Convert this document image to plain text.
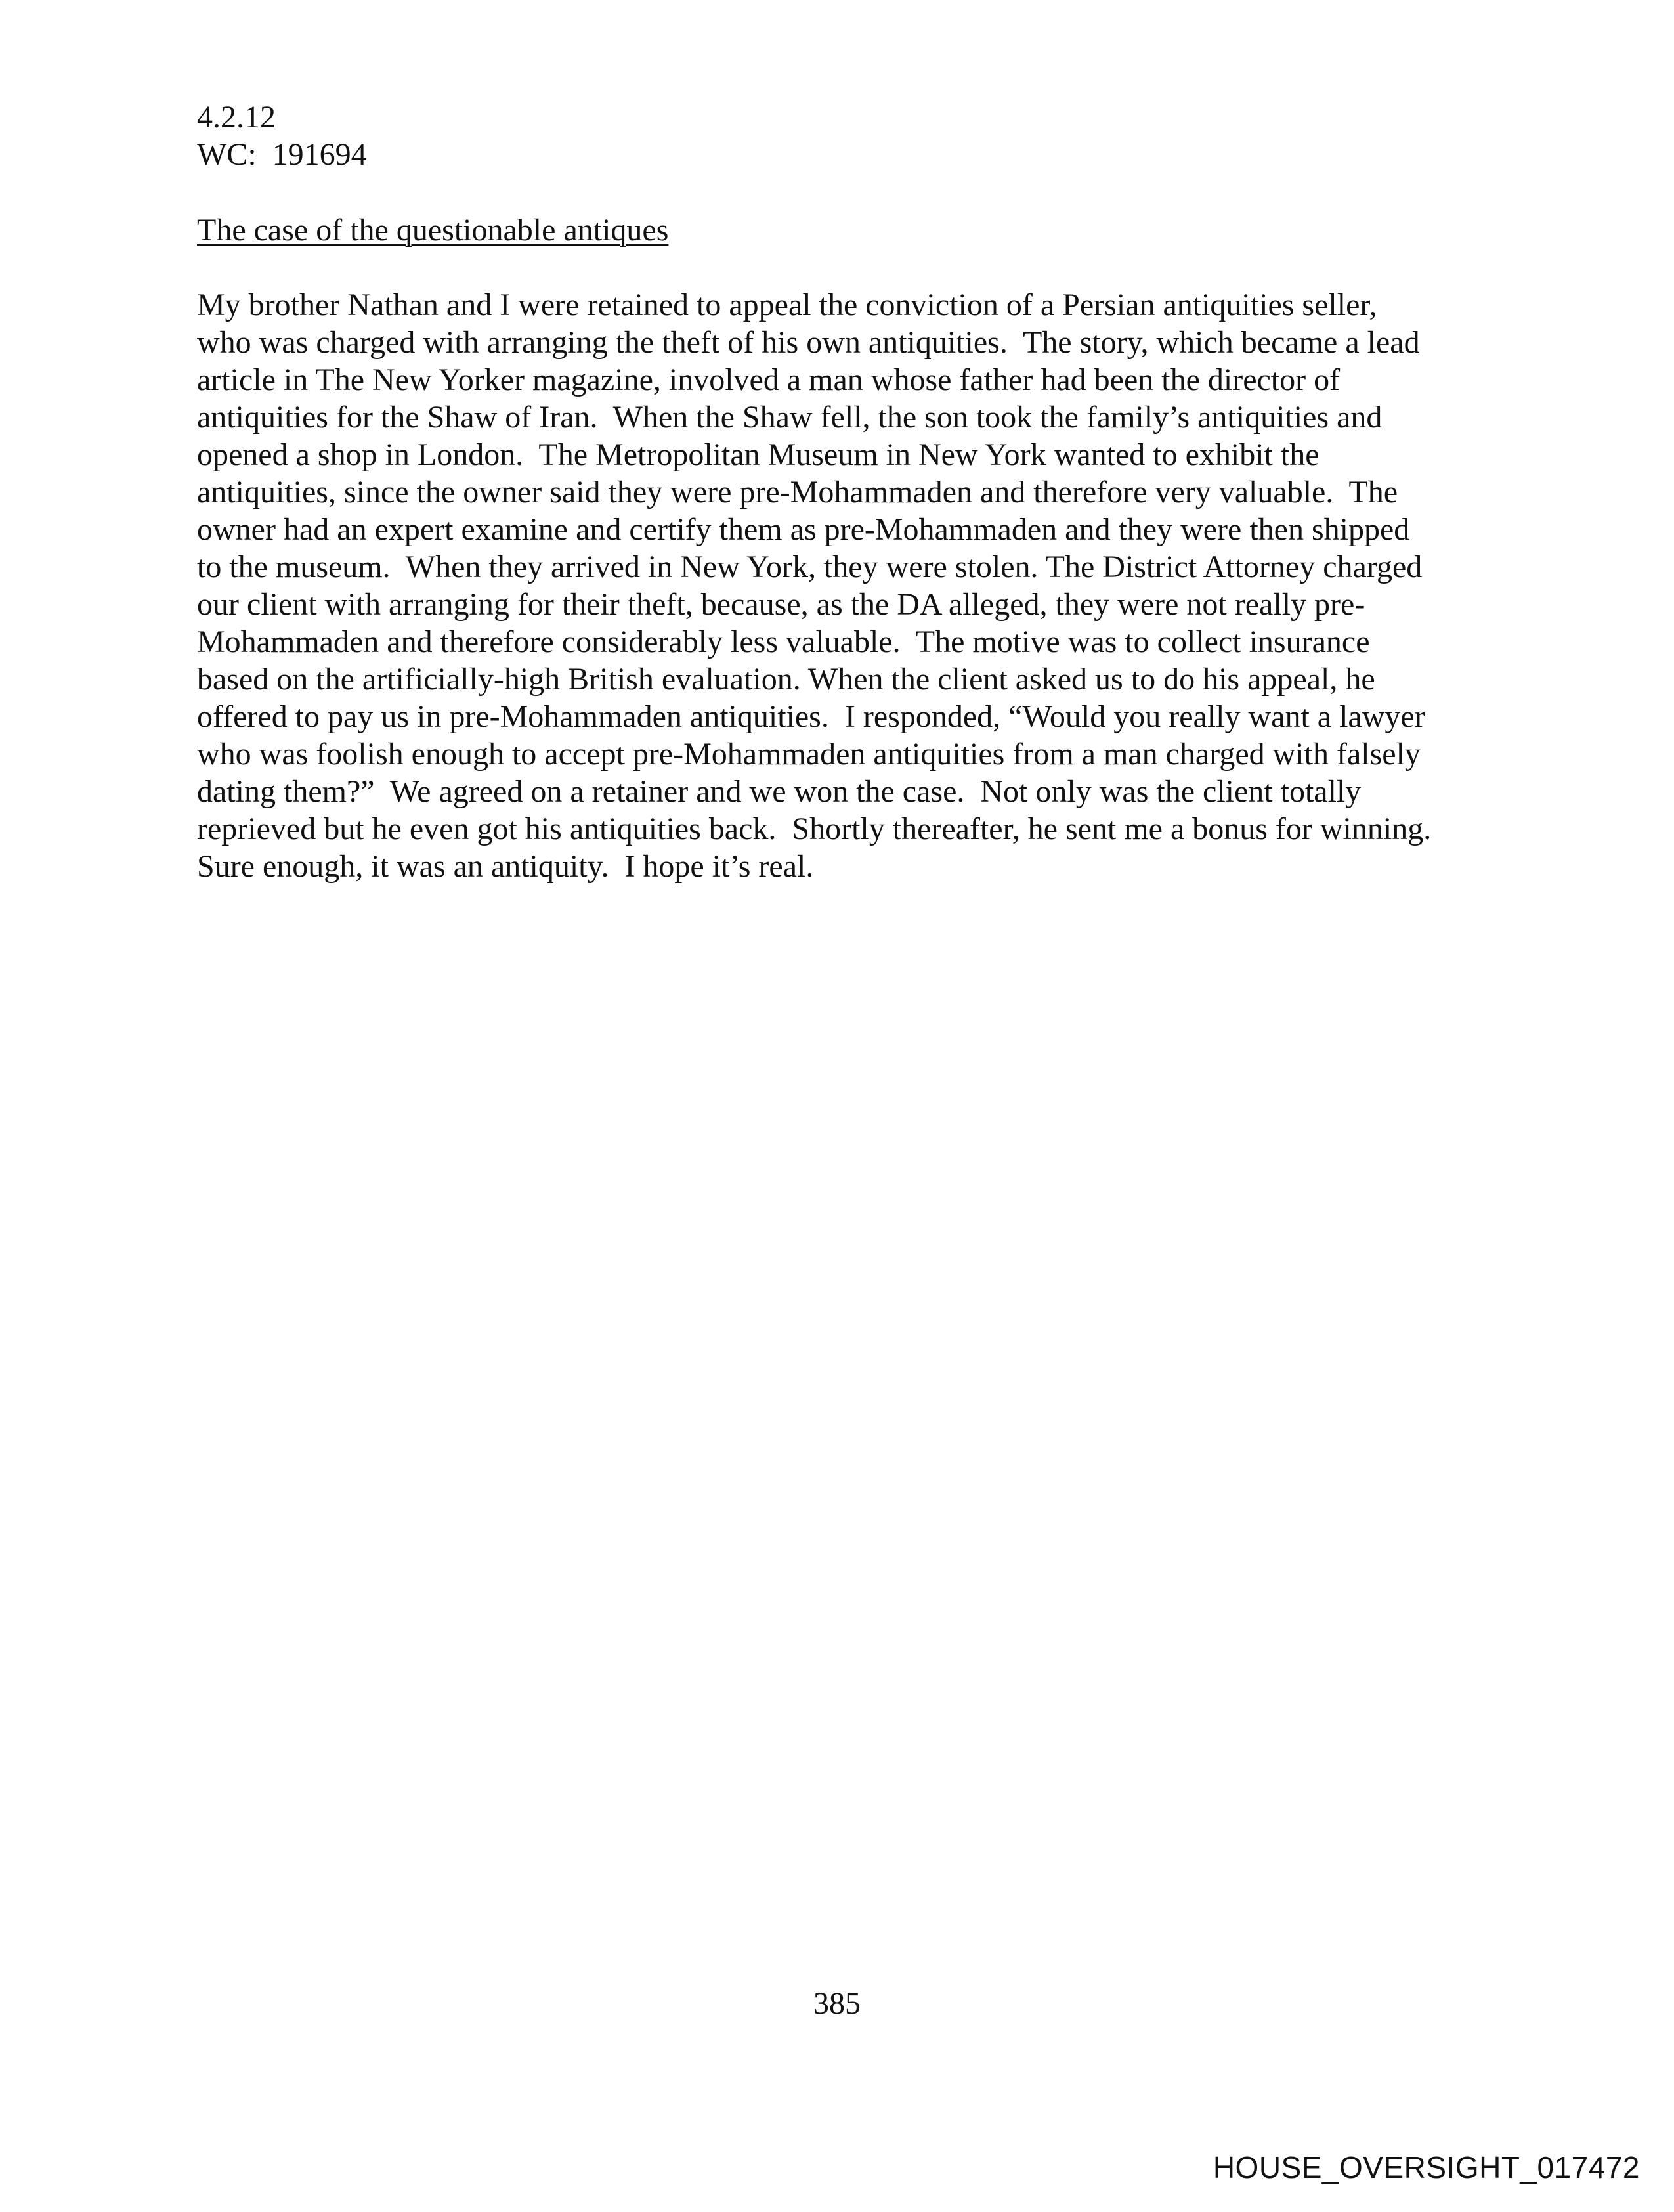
4.2.12
WC:  191694
The case of the questionable antiques
My brother Nathan and I were retained to appeal the conviction of a Persian antiquities seller,
who was charged with arranging the theft of his own antiquities.  The story, which became a lead
article in The New Yorker magazine, involved a man whose father had been the director of
antiquities for the Shaw of Iran.  When the Shaw fell, the son took the family’s antiquities and
opened a shop in London.  The Metropolitan Museum in New York wanted to exhibit the
antiquities, since the owner said they were pre-Mohammaden and therefore very valuable.  The
owner had an expert examine and certify them as pre-Mohammaden and they were then shipped
to the museum.  When they arrived in New York, they were stolen. The District Attorney charged
our client with arranging for their theft, because, as the DA alleged, they were not really pre-
Mohammaden and therefore considerably less valuable.  The motive was to collect insurance
based on the artificially-high British evaluation. When the client asked us to do his appeal, he
offered to pay us in pre-Mohammaden antiquities.  I responded, “Would you really want a lawyer
who was foolish enough to accept pre-Mohammaden antiquities from a man charged with falsely
dating them?”  We agreed on a retainer and we won the case.  Not only was the client totally
reprieved but he even got his antiquities back.  Shortly thereafter, he sent me a bonus for winning.
Sure enough, it was an antiquity.  I hope it’s real.
385
HOUSE_OVERSIGHT_017472
